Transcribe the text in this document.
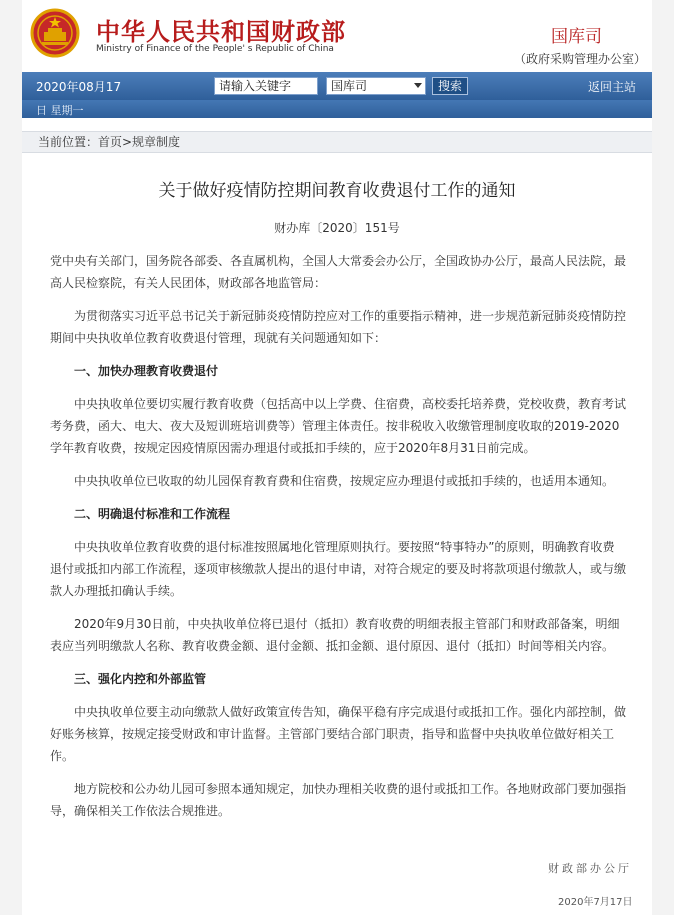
中华人民共和国财政部
Ministry of Finance of the People' s Republic of China
国库司
（政府采购管理办公室）
2020年08月17	请输入关键字	国库司	搜索	返回主站
日 星期一
当前位置：首页>规章制度
关于做好疫情防控期间教育收费退付工作的通知
财办库〔2020〕151号

党中央有关部门，国务院各部委、各直属机构，全国人大常委会办公厅，全国政协办公厅，最高人民法院，最高人民检察院，有关人民团体，财政部各地监管局：

为贯彻落实习近平总书记关于新冠肺炎疫情防控应对工作的重要指示精神，进一步规范新冠肺炎疫情防控期间中央执收单位教育收费退付管理，现就有关问题通知如下：

一、加快办理教育收费退付

中央执收单位要切实履行教育收费（包括高中以上学费、住宿费，高校委托培养费，党校收费，教育考试考务费，函大、电大、夜大及短训班培训费等）管理主体责任。按非税收入收缴管理制度收取的2019-2020学年教育收费，按规定因疫情原因需办理退付或抵扣手续的，应于2020年8月31日前完成。

中央执收单位已收取的幼儿园保育教育费和住宿费，按规定应办理退付或抵扣手续的，也适用本通知。

二、明确退付标准和工作流程

中央执收单位教育收费的退付标准按照属地化管理原则执行。要按照“特事特办”的原则，明确教育收费退付或抵扣内部工作流程，逐项审核缴款人提出的退付申请，对符合规定的要及时将款项退付缴款人，或与缴款人办理抵扣确认手续。

2020年9月30日前，中央执收单位将已退付（抵扣）教育收费的明细表报主管部门和财政部备案，明细表应当列明缴款人名称、教育收费金额、退付金额、抵扣金额、退付原因、退付（抵扣）时间等相关内容。

三、强化内控和外部监管

中央执收单位要主动向缴款人做好政策宣传告知，确保平稳有序完成退付或抵扣工作。强化内部控制，做好账务核算，按规定接受财政和审计监督。主管部门要结合部门职责，指导和监督中央执收单位做好相关工作。

地方院校和公办幼儿园可参照本通知规定，加快办理相关收费的退付或抵扣工作。各地财政部门要加强指导，确保相关工作依法合规推进。

财政部办公厅
2020年7月17日
